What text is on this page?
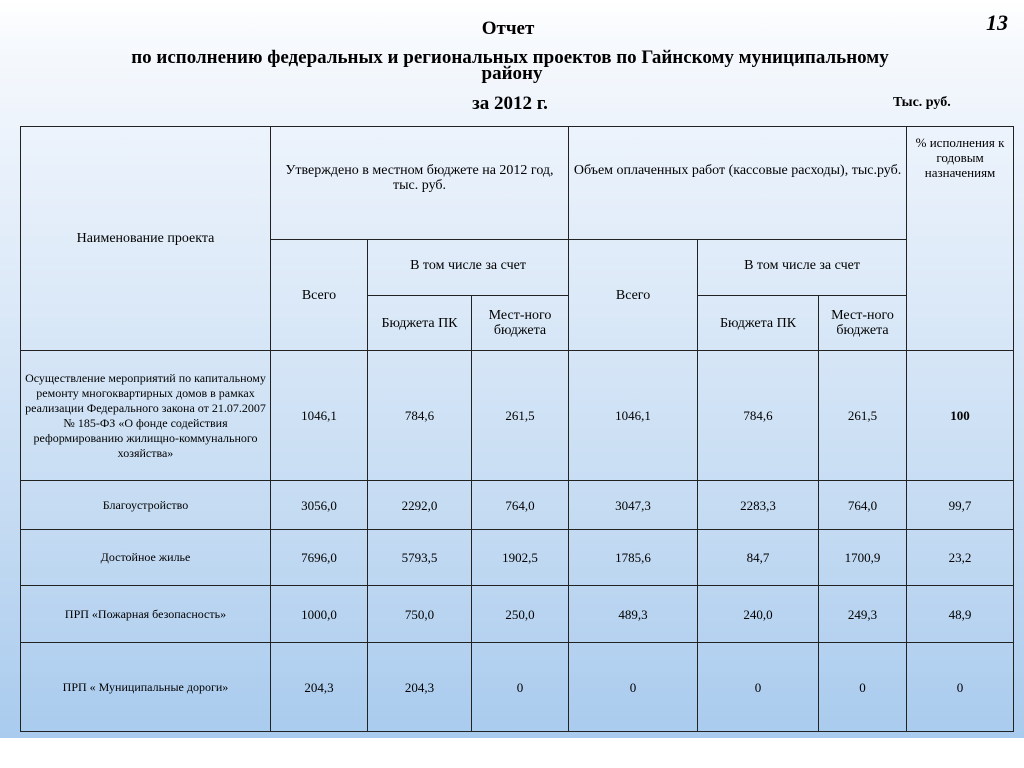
13
Отчет
по исполнению федеральных и региональных проектов по Гайнскому муниципальному
району
за 2012 г.	Тыс. руб.
Наименование проекта	Утверждено в местном бюджете на 2012 год, тыс. руб.			Объем оплаченных работ (кассовые расходы), тыс.руб.			% исполнения к годовым назначениям
	Всего	В том числе за счет		Всего	В том числе за счет		
		Бюджета ПК	Мест-ного бюджета		Бюджета ПК	Мест-ного бюджета	
Осуществление мероприятий по капитальному ремонту многоквартирных домов в рамках реализации Федерального закона от 21.07.2007 № 185-ФЗ «О фонде содействия реформированию жилищно-коммунального хозяйства»	1046,1	784,6	261,5	1046,1	784,6	261,5	100
Благоустройство	3056,0	2292,0	764,0	3047,3	2283,3	764,0	99,7
Достойное жилье	7696,0	5793,5	1902,5	1785,6	84,7	1700,9	23,2
ПРП «Пожарная безопасность»	1000,0	750,0	250,0	489,3	240,0	249,3	48,9
ПРП « Муниципальные дороги»	204,3	204,3	0	0	0	0	0
